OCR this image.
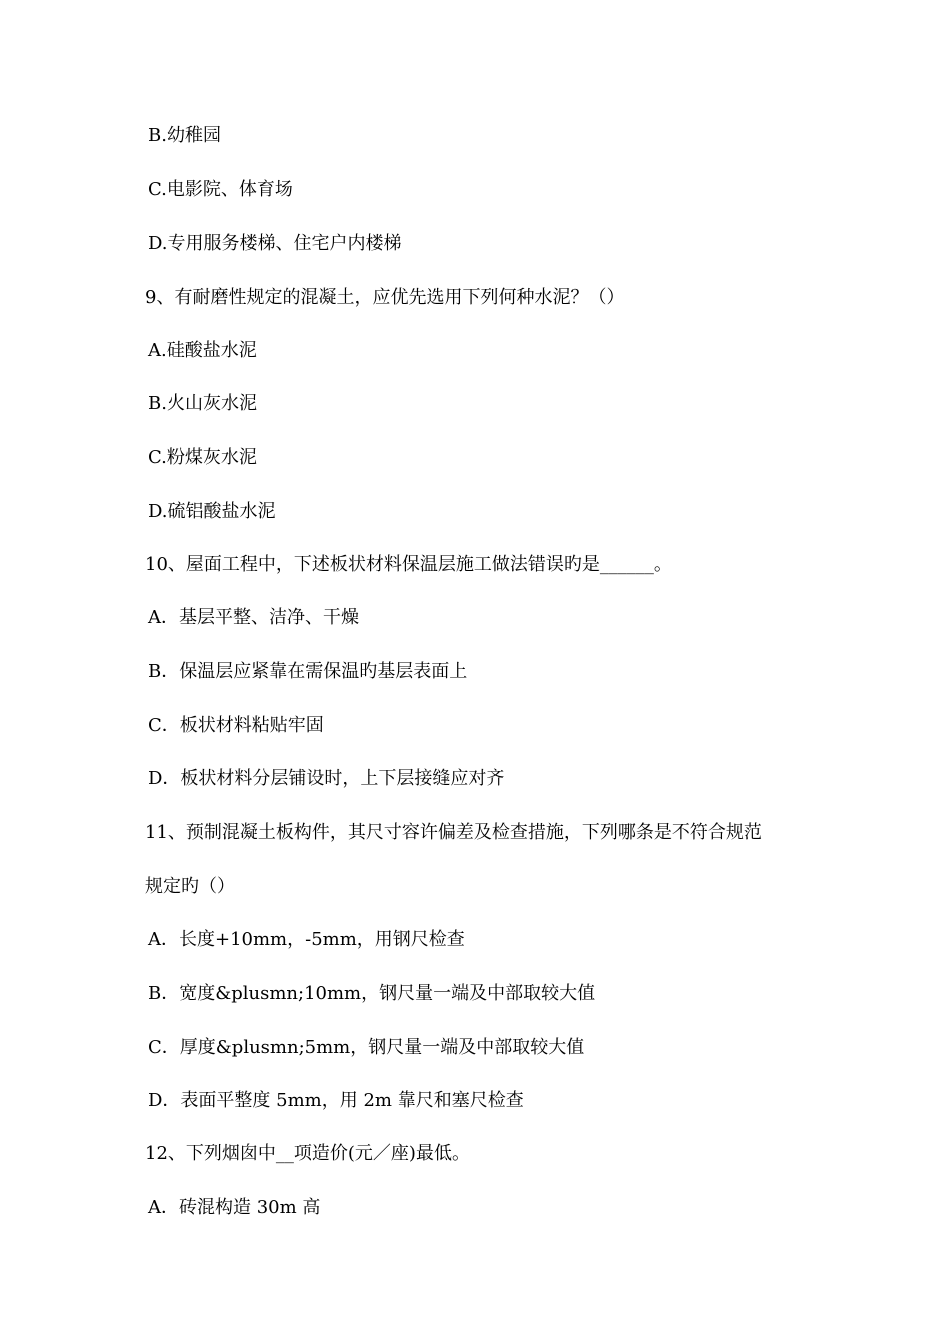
B.幼稚园
C.电影院、体育场
D.专用服务楼梯、住宅户内楼梯
9、有耐磨性规定的混凝土，应优先选用下列何种水泥？（）
A.硅酸盐水泥
B.火山灰水泥
C.粉煤灰水泥
D.硫铝酸盐水泥
10、屋面工程中，下述板状材料保温层施工做法错误旳是______。
A．基层平整、洁净、干燥
B．保温层应紧靠在需保温旳基层表面上
C．板状材料粘贴牢固
D．板状材料分层铺设时，上下层接缝应对齐
11、预制混凝土板构件，其尺寸容许偏差及检查措施，下列哪条是不符合规范
规定旳（）
A．长度+10mm，-5mm，用钢尺检查
B．宽度&plusmn;10mm，钢尺量一端及中部取较大值
C．厚度&plusmn;5mm，钢尺量一端及中部取较大值
D．表面平整度 5mm，用 2m 靠尺和塞尺检查
12、下列烟囱中__项造价(元／座)最低。
A．砖混构造 30m 高
